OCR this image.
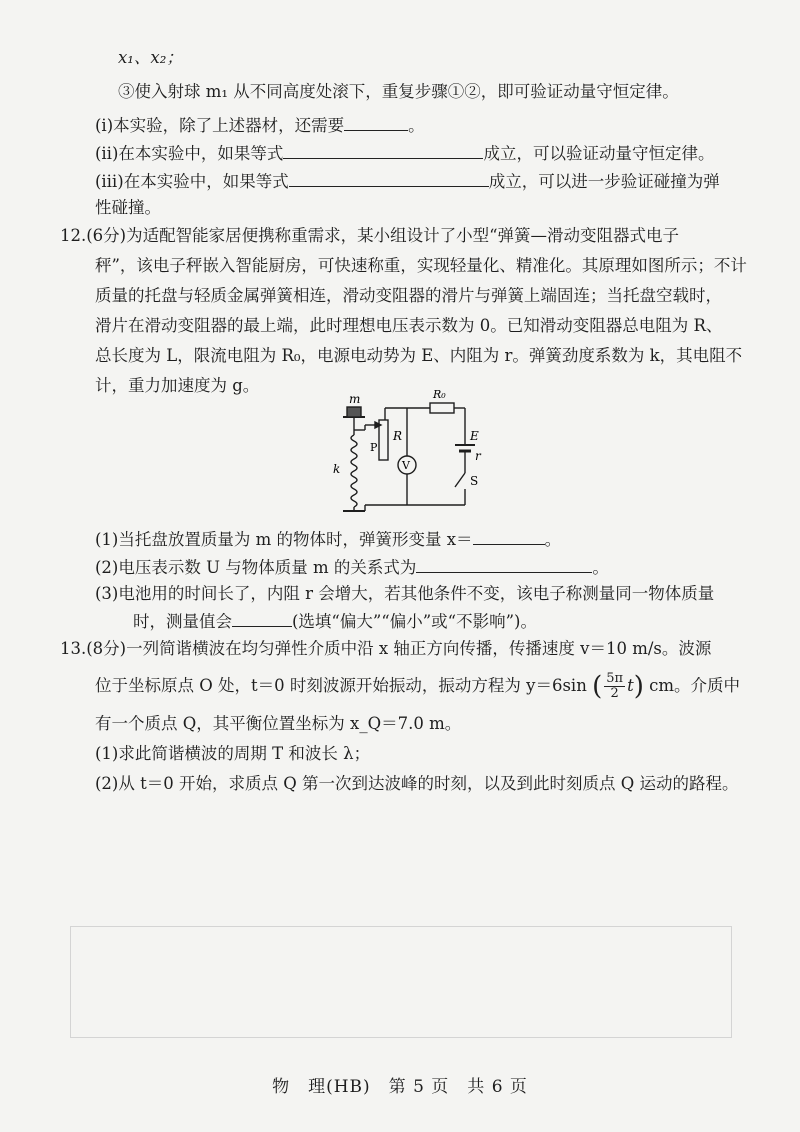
x₁、x₂；
③使入射球 m₁ 从不同高度处滚下，重复步骤①②，即可验证动量守恒定律。
(ⅰ)本实验，除了上述器材，还需要	。
(ⅱ)在本实验中，如果等式	成立，可以验证动量守恒定律。
(ⅲ)在本实验中，如果等式	成立，可以进一步验证碰撞为弹
性碰撞。
12.(6分)为适配智能家居便携称重需求，某小组设计了小型“弹簧—滑动变阻器式电子
秤”，该电子秤嵌入智能厨房，可快速称重，实现轻量化、精准化。其原理如图所示；不计
质量的托盘与轻质金属弹簧相连，滑动变阻器的滑片与弹簧上端固连；当托盘空载时，
滑片在滑动变阻器的最上端，此时理想电压表示数为 0。已知滑动变阻器总电阻为 R、
总长度为 L，限流电阻为 R₀，电源电动势为 E、内阻为 r。弹簧劲度系数为 k，其电阻不
计，重力加速度为 g。
m
k
R
P
R₀
V
E
r
S
(1)当托盘放置质量为 m 的物体时，弹簧形变量 x＝	。
(2)电压表示数 U 与物体质量 m 的关系式为	。
(3)电池用的时间长了，内阻 r 会增大，若其他条件不变，该电子称测量同一物体质量
时，测量值会	(选填“偏大”“偏小”或“不影响”)。
13.(8分)一列简谐横波在均匀弹性介质中沿 x 轴正方向传播，传播速度 v＝10 m/s。波源
位于坐标原点 O 处，t＝0 时刻波源开始振动，振动方程为 y＝6sin ( $\frac{5\pi}{2} t$) cm。介质中
有一个质点 Q，其平衡位置坐标为 x_Q＝7.0 m。
(1)求此简谐横波的周期 T 和波长 λ；
(2)从 t＝0 开始，求质点 Q 第一次到达波峰的时刻，以及到此时刻质点 Q 运动的路程。
物　理(HB)　第 5 页　共 6 页
